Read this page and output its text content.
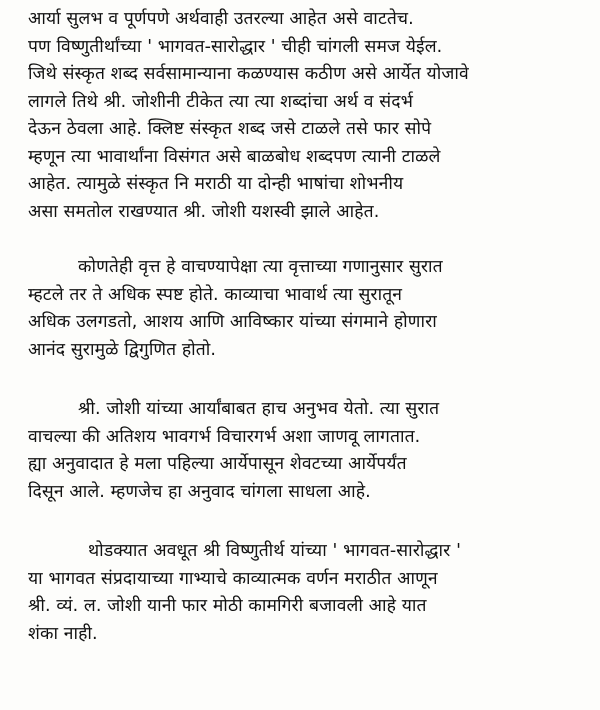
आर्या सुलभ व पूर्णपणे अर्थवाही उतरल्या आहेत असे वाटतेच.
पण विष्णुतीर्थांच्या ' भागवत-सारोद्धार ' चीही चांगली समज येईल.
जिथे संस्कृत शब्द सर्वसामान्याना कळण्यास कठीण असे आर्येत योजावे
लागले तिथे श्री. जोशीनी टीकेत त्या त्या शब्दांचा अर्थ व संदर्भ
देऊन ठेवला आहे. क्लिष्ट संस्कृत शब्द जसे टाळले तसे फार सोपे
म्हणून त्या भावार्थांना विसंगत असे बाळबोध शब्दपण त्यानी टाळले
आहेत. त्यामुळे संस्कृत नि मराठी या दोन्ही भाषांचा शोभनीय
असा समतोल राखण्यात श्री. जोशी यशस्वी झाले आहेत.
कोणतेही वृत्त हे वाचण्यापेक्षा त्या वृत्ताच्या गणानुसार सुरात
म्हटले तर ते अधिक स्पष्ट होते. काव्याचा भावार्थ त्या सुरातून
अधिक उलगडतो, आशय आणि आविष्कार यांच्या संगमाने होणारा
आनंद सुरामुळे द्विगुणित होतो.
श्री. जोशी यांच्या आर्यांबाबत हाच अनुभव येतो. त्या सुरात
वाचल्या की अतिशय भावगर्भ विचारगर्भ अशा जाणवू लागतात.
ह्या अनुवादात हे मला पहिल्या आर्येपासून शेवटच्या आर्येपर्यंत
दिसून आले. म्हणजेच हा अनुवाद चांगला साधला आहे.
थोडक्यात अवधूत श्री विष्णुतीर्थ यांच्या ' भागवत-सारोद्धार '
या भागवत संप्रदायाच्या गाभ्याचे काव्यात्मक वर्णन मराठीत आणून
श्री. व्यं. ल. जोशी यानी फार मोठी कामगिरी बजावली आहे यात
शंका नाही.
